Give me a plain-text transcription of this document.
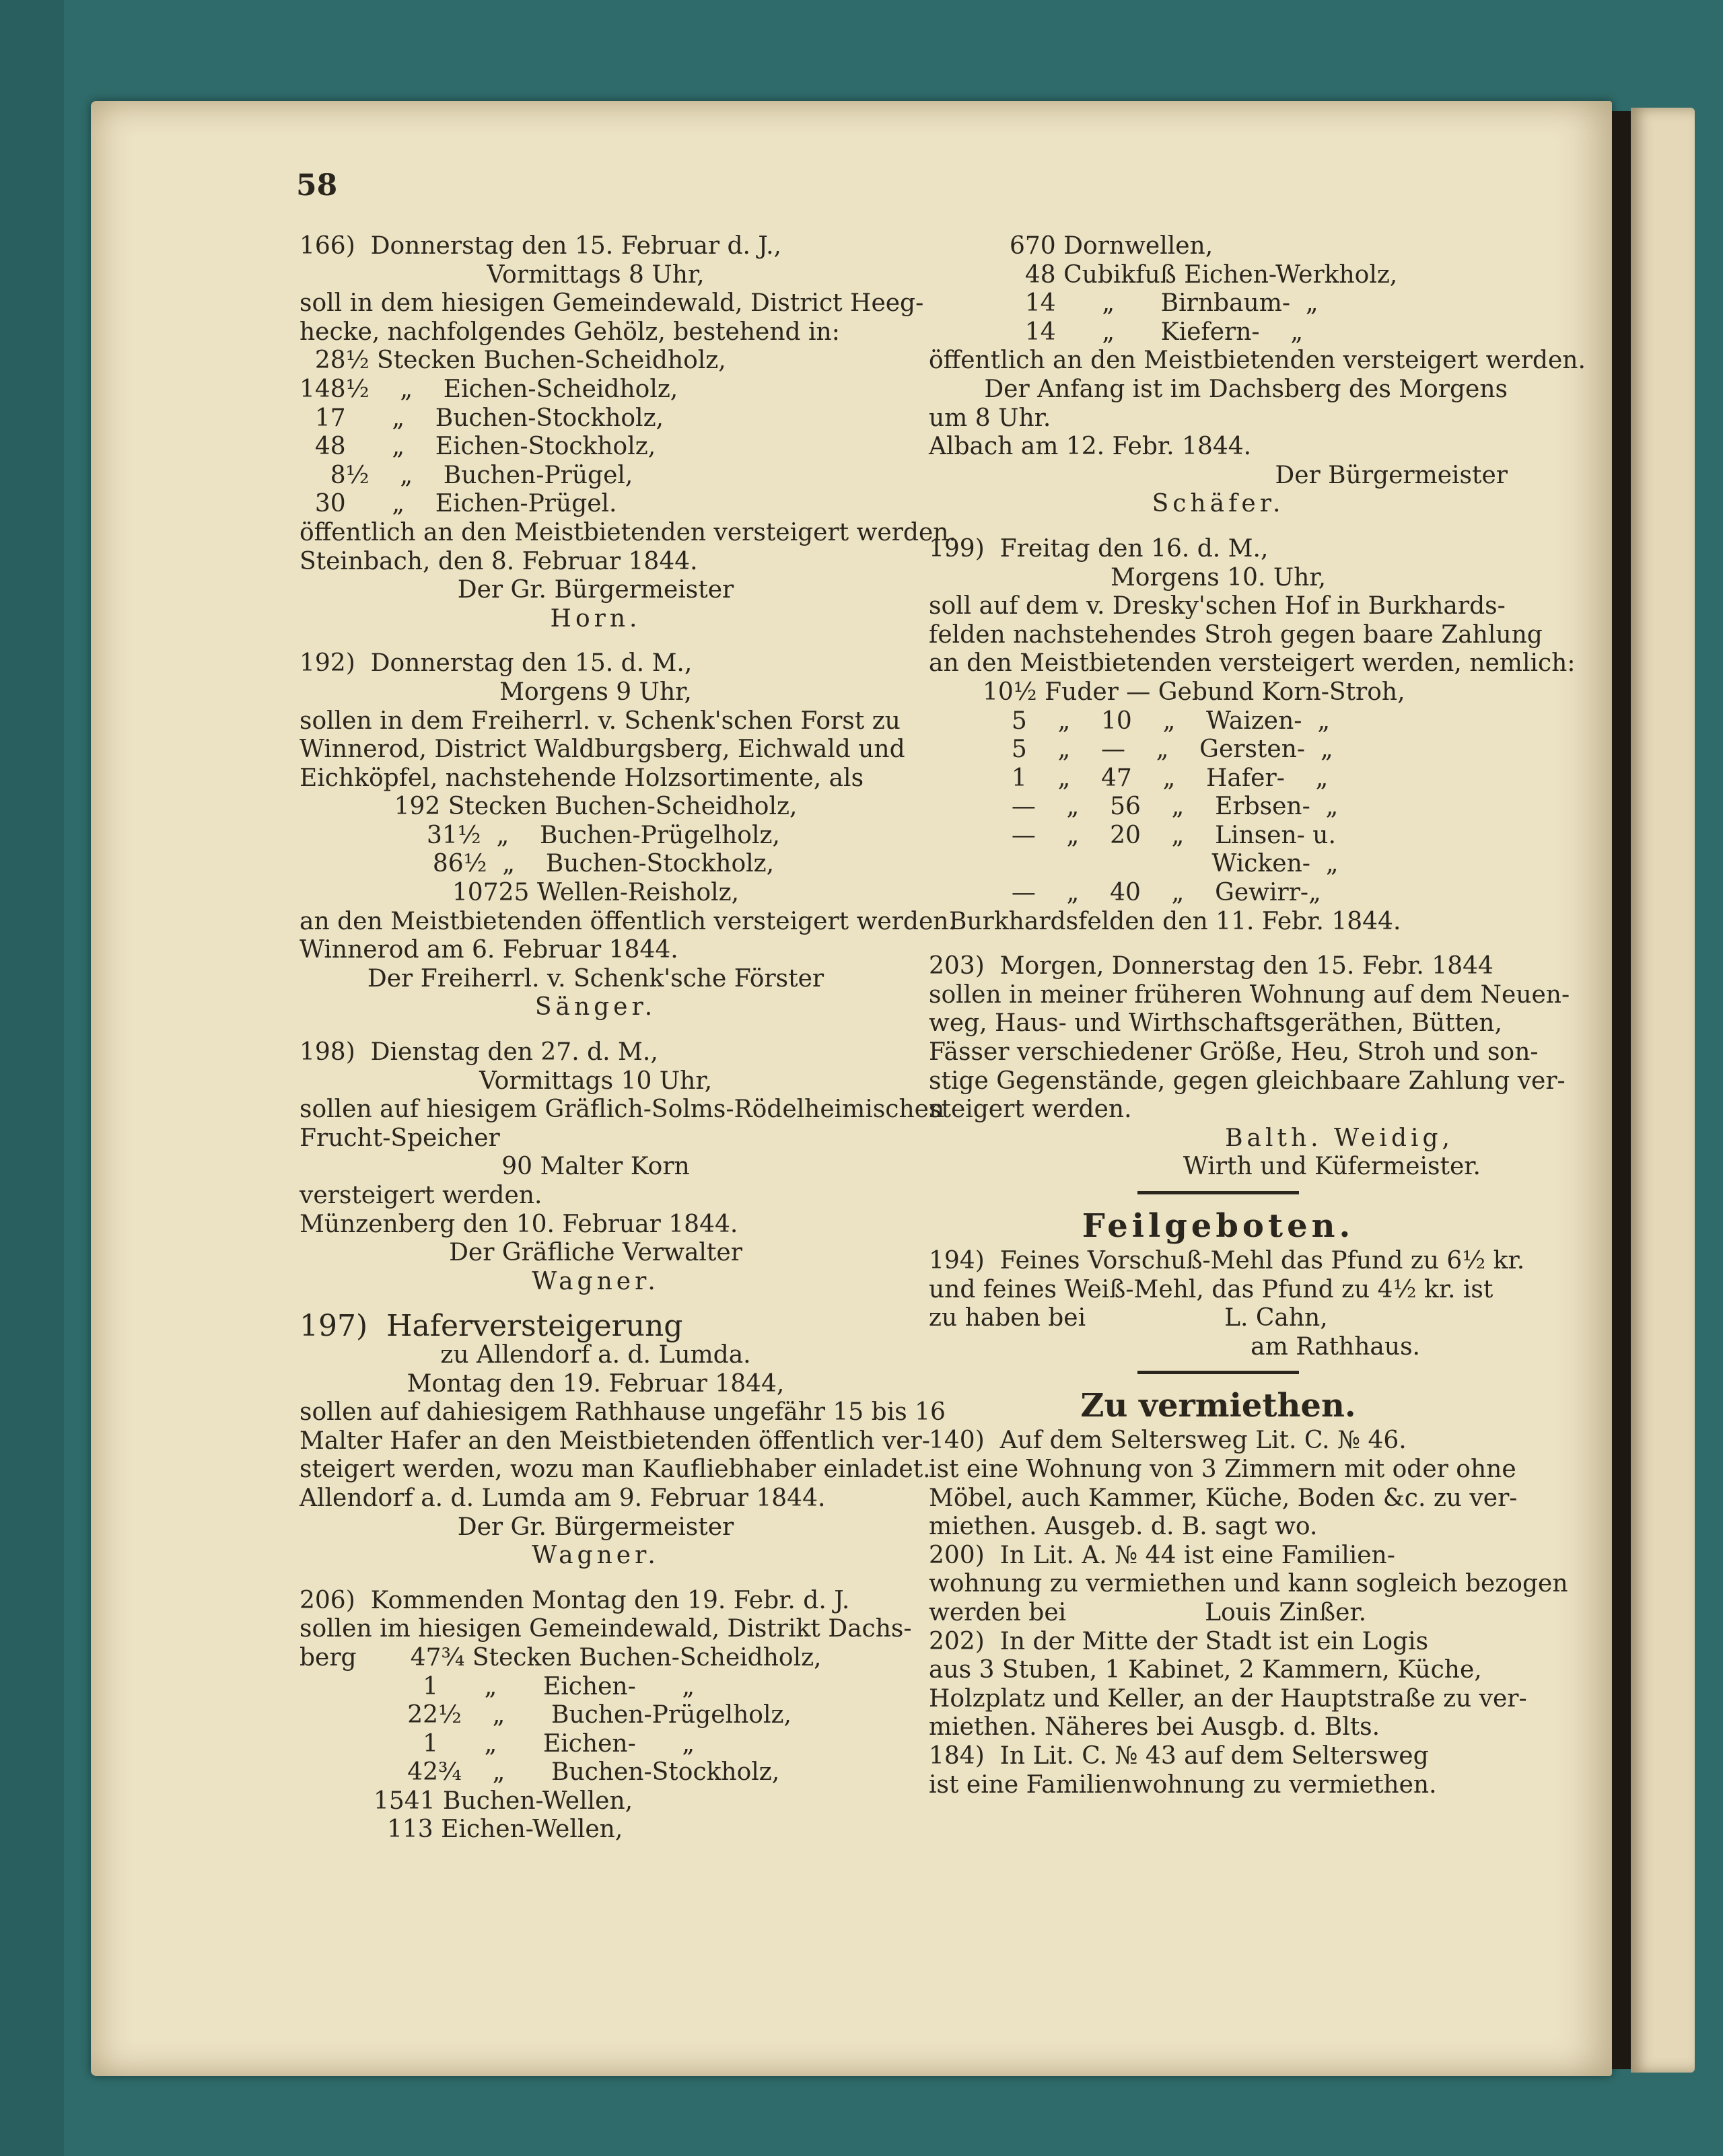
58

166)  Donnerstag den 15. Februar d. J.,

Vormittags 8 Uhr,

soll in dem hiesigen Gemeindewald, District Heeg-

hecke, nachfolgendes Gehölz, bestehend in:

28½ Stecken Buchen-Scheidholz,

148½    „    Eichen-Scheidholz,

17      „    Buchen-Stockholz,

48      „    Eichen-Stockholz,

8½    „    Buchen-Prügel,

30      „    Eichen-Prügel.

öffentlich an den Meistbietenden versteigert werden.

Steinbach, den 8. Februar 1844.

Der Gr. Bürgermeister

Horn.

192)  Donnerstag den 15. d. M.,

Morgens 9 Uhr,

sollen in dem Freiherrl. v. Schenk'schen Forst zu

Winnerod, District Waldburgsberg, Eichwald und

Eichköpfel, nachstehende Holzsortimente, als

192 Stecken Buchen-Scheidholz,

31½  „    Buchen-Prügelholz,

86½  „    Buchen-Stockholz,

10725 Wellen-Reisholz,

an den Meistbietenden öffentlich versteigert werden.

Winnerod am 6. Februar 1844.

Der Freiherrl. v. Schenk'sche Förster

Sänger.

198)  Dienstag den 27. d. M.,

Vormittags 10 Uhr,

sollen auf hiesigem Gräflich-Solms-Rödelheimischen

Frucht-Speicher

90 Malter Korn

versteigert werden.

Münzenberg den 10. Februar 1844.

Der Gräfliche Verwalter

Wagner.

197)  Haferversteigerung

zu Allendorf a. d. Lumda.

Montag den 19. Februar 1844,

sollen auf dahiesigem Rathhause ungefähr 15 bis 16

Malter Hafer an den Meistbietenden öffentlich ver-

steigert werden, wozu man Kaufliebhaber einladet.

Allendorf a. d. Lumda am 9. Februar 1844.

Der Gr. Bürgermeister

Wagner.

206)  Kommenden Montag den 19. Febr. d. J.

sollen im hiesigen Gemeindewald, Distrikt Dachs-

berg       47¾ Stecken Buchen-Scheidholz,

1      „      Eichen-      „

22½    „      Buchen-Prügelholz,

1      „      Eichen-      „

42¾    „      Buchen-Stockholz,

1541 Buchen-Wellen,

113 Eichen-Wellen,

670 Dornwellen,

48 Cubikfuß Eichen-Werkholz,

14      „      Birnbaum-  „

14      „      Kiefern-    „

öffentlich an den Meistbietenden versteigert werden.

Der Anfang ist im Dachsberg des Morgens

um 8 Uhr.

Albach am 12. Febr. 1844.

Der Bürgermeister

Schäfer.

199)  Freitag den 16. d. M.,

Morgens 10. Uhr,

soll auf dem v. Dresky'schen Hof in Burkhards-

felden nachstehendes Stroh gegen baare Zahlung

an den Meistbietenden versteigert werden, nemlich:

10½ Fuder — Gebund Korn-Stroh,

5    „    10    „    Waizen-  „

5    „    —    „    Gersten-  „

1    „    47    „    Hafer-    „

—    „    56    „    Erbsen-  „

—    „    20    „    Linsen- u.

Wicken-  „

—    „    40    „    Gewirr-„

Burkhardsfelden den 11. Febr. 1844.

203)  Morgen, Donnerstag den 15. Febr. 1844

sollen in meiner früheren Wohnung auf dem Neuen-

weg, Haus- und Wirthschaftsgeräthen, Bütten,

Fässer verschiedener Größe, Heu, Stroh und son-

stige Gegenstände, gegen gleichbaare Zahlung ver-

steigert werden.

Balth. Weidig,

Wirth und Küfermeister.

Feilgeboten.

194)  Feines Vorschuß-Mehl das Pfund zu 6½ kr.

und feines Weiß-Mehl, das Pfund zu 4½ kr. ist

zu haben bei                  L. Cahn,

am Rathhaus.

Zu vermiethen.

140)  Auf dem Seltersweg Lit. C. № 46.

ist eine Wohnung von 3 Zimmern mit oder ohne

Möbel, auch Kammer, Küche, Boden &c. zu ver-

miethen. Ausgeb. d. B. sagt wo.

200)  In Lit. A. № 44 ist eine Familien-

wohnung zu vermiethen und kann sogleich bezogen

werden bei                  Louis Zinßer.

202)  In der Mitte der Stadt ist ein Logis

aus 3 Stuben, 1 Kabinet, 2 Kammern, Küche,

Holzplatz und Keller, an der Hauptstraße zu ver-

miethen. Näheres bei Ausgb. d. Blts.

184)  In Lit. C. № 43 auf dem Seltersweg

ist eine Familienwohnung zu vermiethen.
